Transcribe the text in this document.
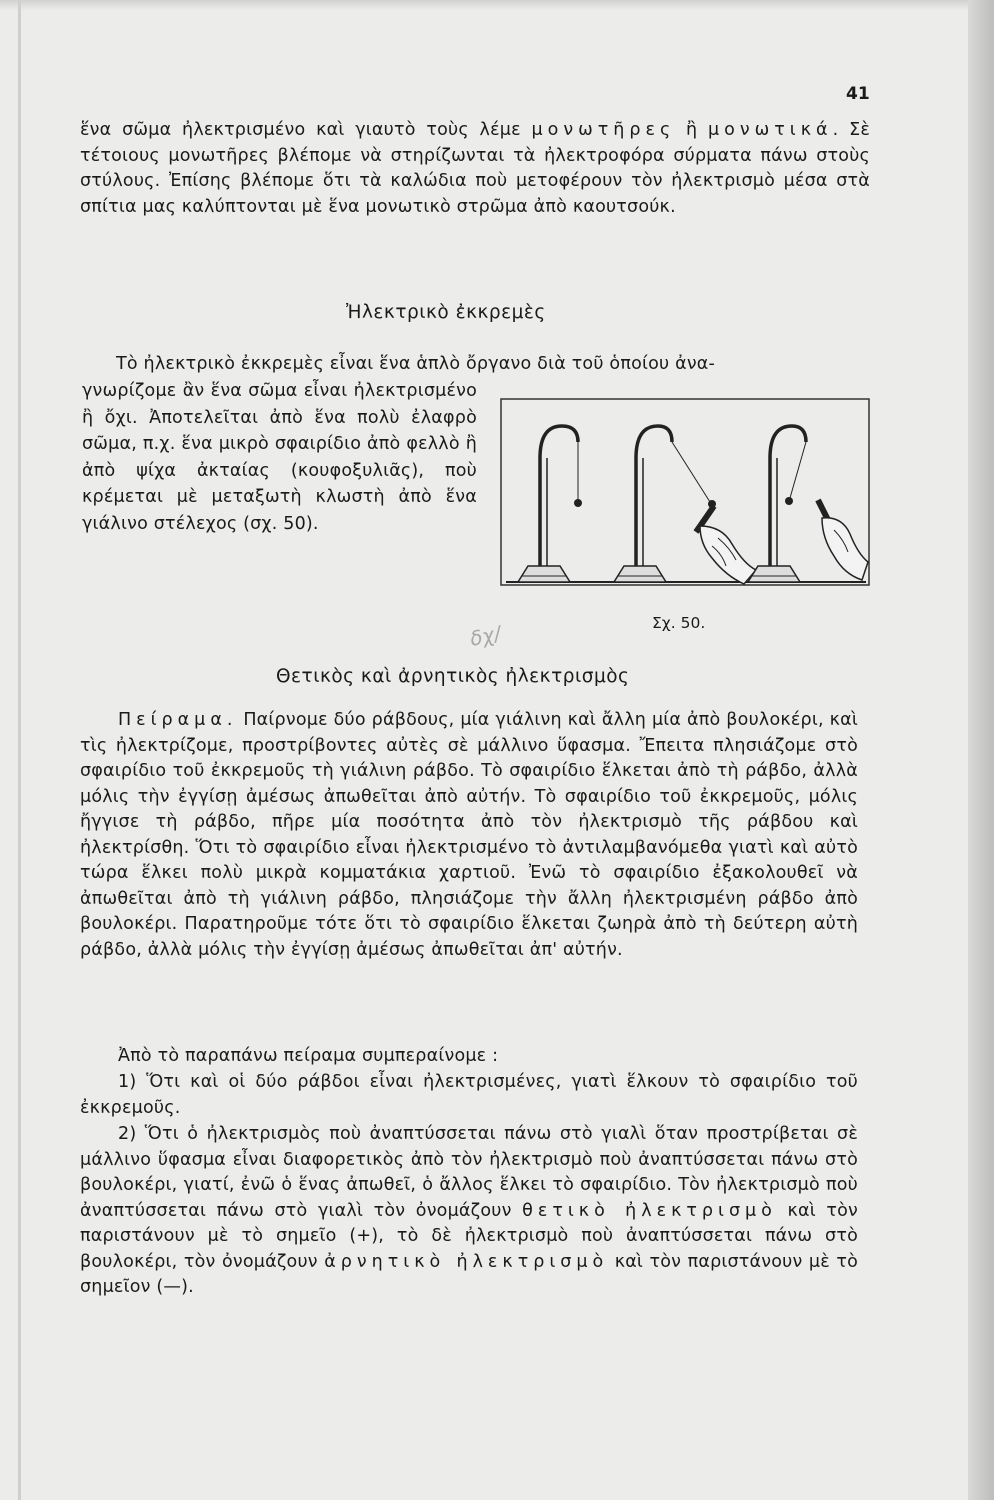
41
ἕνα σῶμα ἠλεκτρισμένο καὶ γιαυτὸ τοὺς λέμε μονωτῆρες ἢ μονωτικά. Σὲ τέτοιους μονωτῆρες βλέπομε νὰ στηρίζωνται τὰ ἠλεκτροφόρα σύρματα πάνω στοὺς στύλους. Ἐπίσης βλέπομε ὅτι τὰ καλώδια ποὺ μετοφέρουν τὸν ἠλεκτρισμὸ μέσα στὰ σπίτια μας καλύπτονται μὲ ἕνα μονωτικὸ στρῶμα ἀπὸ καουτσούκ.
Ἠλεκτρικὸ ἐκκρεμὲς
Τὸ ἠλεκτρικὸ ἐκκρεμὲς εἶναι ἕνα ἁπλὸ ὄργανο διὰ τοῦ ὁποίου ἀνα-
γνωρίζομε ἂν ἕνα σῶμα εἶναι ἠλεκτρισμένο ἢ ὄχι. Ἀποτελεῖται ἀπὸ ἕνα πολὺ ἐλαφρὸ σῶμα, π.χ. ἕνα μικρὸ σφαιρίδιο ἀπὸ φελλὸ ἢ ἀπὸ ψίχα ἀκταίας (κουφοξυλιᾶς), ποὺ κρέμεται μὲ μεταξωτὴ κλωστὴ ἀπὸ ἕνα γιάλινο στέλεχος (σχ. 50).
Σχ. 50.
δχ/
Θετικὸς καὶ ἀρνητικὸς ἠλεκτρισμὸς
Πείραμα. Παίρνομε δύο ράβδους, μία γιάλινη καὶ ἄλλη μία ἀπὸ βουλοκέρι, καὶ τὶς ἠλεκτρίζομε, προστρίβοντες αὐτὲς σὲ μάλλινο ὕφασμα. Ἔπειτα πλησιάζομε στὸ σφαιρίδιο τοῦ ἐκκρεμοῦς τὴ γιάλινη ράβδο. Τὸ σφαιρίδιο ἕλκεται ἀπὸ τὴ ράβδο, ἀλλὰ μόλις τὴν ἐγγίσῃ ἀμέσως ἀπωθεῖται ἀπὸ αὐτήν. Τὸ σφαιρίδιο τοῦ ἐκκρεμοῦς, μόλις ἤγγισε τὴ ράβδο, πῆρε μία ποσότητα ἀπὸ τὸν ἠλεκτρισμὸ τῆς ράβδου καὶ ἠλεκτρίσθη. Ὅτι τὸ σφαιρίδιο εἶναι ἠλεκτρισμένο τὸ ἀντιλαμβανόμεθα γιατὶ καὶ αὐτὸ τώρα ἕλκει πολὺ μικρὰ κομματάκια χαρτιοῦ. Ἐνῶ τὸ σφαιρίδιο ἐξακολουθεῖ νὰ ἀπωθεῖται ἀπὸ τὴ γιάλινη ράβδο, πλησιάζομε τὴν ἄλλη ἠλεκτρισμένη ράβδο ἀπὸ βουλοκέρι. Παρατηροῦμε τότε ὅτι τὸ σφαιρίδιο ἕλκεται ζωηρὰ ἀπὸ τὴ δεύτερη αὐτὴ ράβδο, ἀλλὰ μόλις τὴν ἐγγίσῃ ἀμέσως ἀπωθεῖται ἀπ' αὐτήν.
Ἀπὸ τὸ παραπάνω πείραμα συμπεραίνομε :
1) Ὅτι καὶ οἱ δύο ράβδοι εἶναι ἠλεκτρισμένες, γιατὶ ἕλκουν τὸ σφαιρίδιο τοῦ ἐκκρεμοῦς.
2) Ὅτι ὁ ἠλεκτρισμὸς ποὺ ἀναπτύσσεται πάνω στὸ γιαλὶ ὅταν προστρίβεται σὲ μάλλινο ὕφασμα εἶναι διαφορετικὸς ἀπὸ τὸν ἠλεκτρισμὸ ποὺ ἀναπτύσσεται πάνω στὸ βουλοκέρι, γιατί, ἐνῶ ὁ ἕνας ἀπωθεῖ, ὁ ἄλλος ἕλκει τὸ σφαιρίδιο. Τὸν ἠλεκτρισμὸ ποὺ ἀναπτύσσεται πάνω στὸ γιαλὶ τὸν ὀνομάζουν θετικὸ ἠλεκτρισμὸ καὶ τὸν παριστάνουν μὲ τὸ σημεῖο (+), τὸ δὲ ἠλεκτρισμὸ ποὺ ἀναπτύσσεται πάνω στὸ βουλοκέρι, τὸν ὀνομάζουν ἀρνητικὸ ἠλεκτρισμὸ καὶ τὸν παριστάνουν μὲ τὸ σημεῖον (—).
